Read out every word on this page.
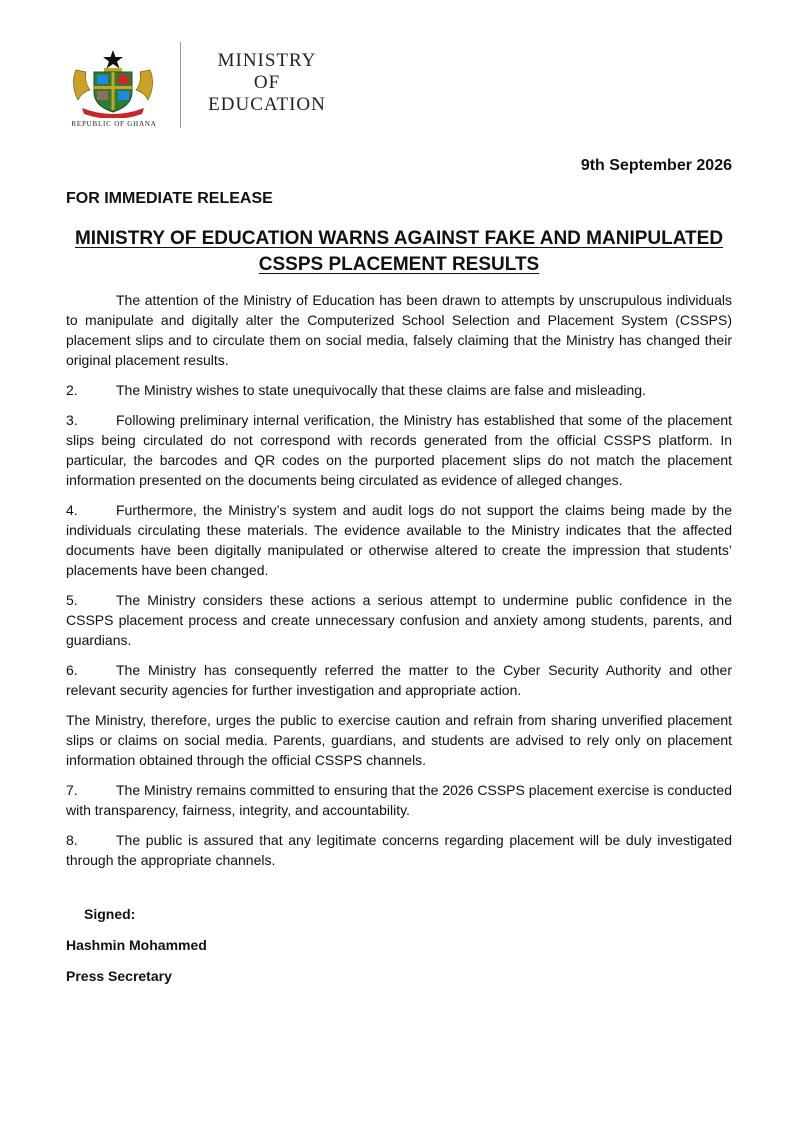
REPUBLIC OF GHANA
MINISTRY
OF
EDUCATION
9th September 2026
FOR IMMEDIATE RELEASE
MINISTRY OF EDUCATION WARNS AGAINST FAKE AND MANIPULATED CSSPS PLACEMENT RESULTS

The attention of the Ministry of Education has been drawn to attempts by unscrupulous individuals to manipulate and digitally alter the Computerized School Selection and Placement System (CSSPS) placement slips and to circulate them on social media, falsely claiming that the Ministry has changed their original placement results.

2.	The Ministry wishes to state unequivocally that these claims are false and misleading.

3.	Following preliminary internal verification, the Ministry has established that some of the placement slips being circulated do not correspond with records generated from the official CSSPS platform. In particular, the barcodes and QR codes on the purported placement slips do not match the placement information presented on the documents being circulated as evidence of alleged changes.

4.	Furthermore, the Ministry’s system and audit logs do not support the claims being made by the individuals circulating these materials. The evidence available to the Ministry indicates that the affected documents have been digitally manipulated or otherwise altered to create the impression that students’ placements have been changed.

5.	The Ministry considers these actions a serious attempt to undermine public confidence in the CSSPS placement process and create unnecessary confusion and anxiety among students, parents, and guardians.

6.	The Ministry has consequently referred the matter to the Cyber Security Authority and other relevant security agencies for further investigation and appropriate action.

The Ministry, therefore, urges the public to exercise caution and refrain from sharing unverified placement slips or claims on social media. Parents, guardians, and students are advised to rely only on placement information obtained through the official CSSPS channels.

7.	The Ministry remains committed to ensuring that the 2026 CSSPS placement exercise is conducted with transparency, fairness, integrity, and accountability.

8.	The public is assured that any legitimate concerns regarding placement will be duly investigated through the appropriate channels.

Signed:

Hashmin Mohammed

Press Secretary
